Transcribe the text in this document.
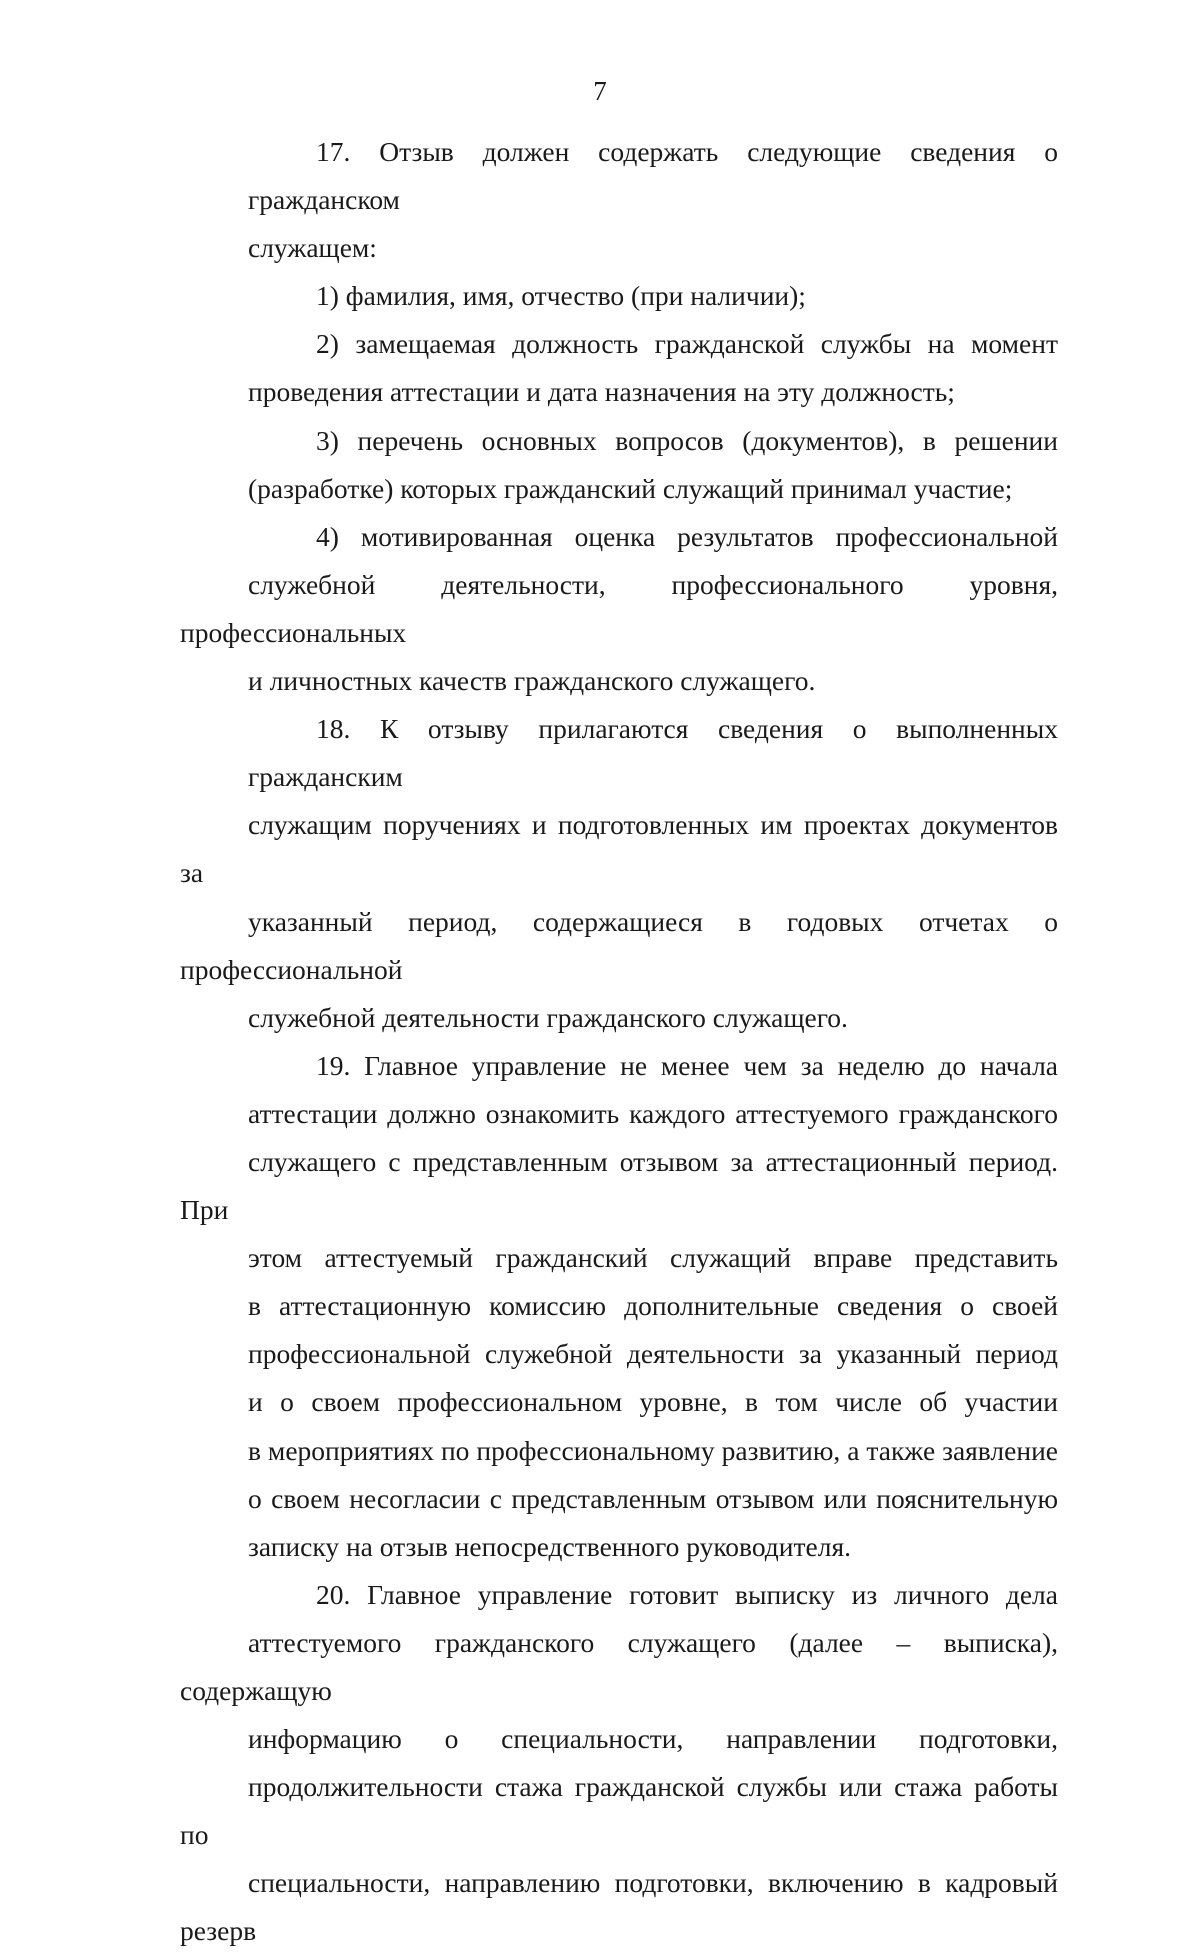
7

17. Отзыв должен содержать следующие сведения о гражданском
служащем:

1) фамилия, имя, отчество (при наличии);

2) замещаемая должность гражданской службы на момент
проведения аттестации и дата назначения на эту должность;

3) перечень основных вопросов (документов), в решении
(разработке) которых гражданский служащий принимал участие;

4) мотивированная оценка результатов профессиональной
служебной деятельности, профессионального уровня, профессиональных
и личностных качеств гражданского служащего.

18. К отзыву прилагаются сведения о выполненных гражданским
служащим поручениях и подготовленных им проектах документов за
указанный период, содержащиеся в годовых отчетах о профессиональной
служебной деятельности гражданского служащего.

19. Главное управление не менее чем за неделю до начала
аттестации должно ознакомить каждого аттестуемого гражданского
служащего с представленным отзывом за аттестационный период. При
этом аттестуемый гражданский служащий вправе представить
в аттестационную комиссию дополнительные сведения о своей
профессиональной служебной деятельности за указанный период
и о своем профессиональном уровне, в том числе об участии
в мероприятиях по профессиональному развитию, а также заявление
о своем несогласии с представленным отзывом или пояснительную
записку на отзыв непосредственного руководителя.

20. Главное управление готовит выписку из личного дела
аттестуемого гражданского служащего (далее – выписка), содержащую
информацию о специальности, направлении подготовки,
продолжительности стажа гражданской службы или стажа работы по
специальности, направлению подготовки, включению в кадровый резерв
